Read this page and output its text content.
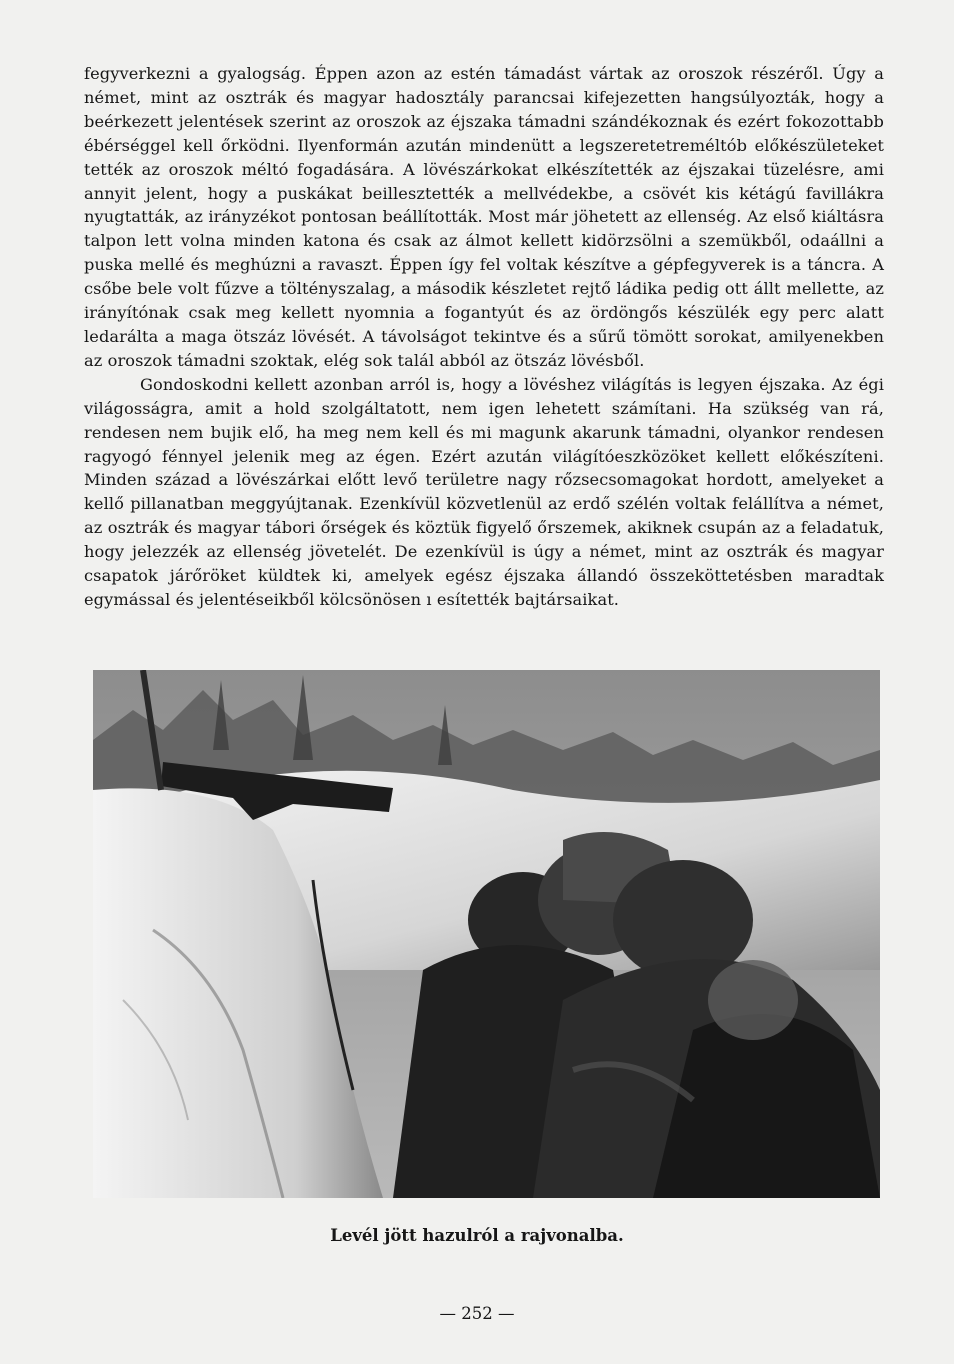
fegyverkezni a gyalogság. Éppen azon az estén támadást vártak az oroszok részéről. Úgy a német, mint az osztrák és magyar hadosztály parancsai kifejezetten hangsúlyozták, hogy a beérkezett jelentések szerint az oroszok az éjszaka támadni szándékoznak és ezért fokozottabb ébérséggel kell őrködni. Ilyenformán azután mindenütt a legszeretetreméltób előkészületeket tették az oroszok méltó fogadására. A lövészárkokat elkészítették az éjszakai tüzelésre, ami annyit jelent, hogy a puskákat beillesztették a mellvédekbe, a csövét kis kétágú favillákra nyugtatták, az irányzékot pontosan beállították. Most már jöhetett az ellenség. Az első kiáltásra talpon lett volna minden katona és csak az álmot kellett kidörzsölni a szemükből, odaállni a puska mellé és meghúzni a ravaszt. Éppen így fel voltak készítve a gépfegyverek is a táncra. A csőbe bele volt fűzve a töltényszalag, a második készletet rejtő ládika pedig ott állt mellette, az irányítónak csak meg kellett nyomnia a fogantyút és az ördöngős készülék egy perc alatt ledarálta a maga ötszáz lövését. A távolságot tekintve és a sűrű tömött sorokat, amilyenekben az oroszok támadni szoktak, elég sok talál abból az ötszáz lövésből.

Gondoskodni kellett azonban arról is, hogy a lövéshez világítás is legyen éjszaka. Az égi világosságra, amit a hold szolgáltatott, nem igen lehetett számítani. Ha szükség van rá, rendesen nem bujik elő, ha meg nem kell és mi magunk akarunk támadni, olyankor rendesen ragyogó fénnyel jelenik meg az égen. Ezért azután világítóeszközöket kellett előkészíteni. Minden század a lövészárkai előtt levő területre nagy rőzsecsomagokat hordott, amelyeket a kellő pillanatban meggyújtanak. Ezenkívül közvetlenül az erdő szélén voltak felállítva a német, az osztrák és magyar tábori őrségek és köztük figyelő őrszemek, akiknek csupán az a feladatuk, hogy jelezzék az ellenség jövetelét. De ezenkívül is úgy a német, mint az osztrák és magyar csapatok járőröket küldtek ki, amelyek egész éjszaka állandó összeköttetésben maradtak egymással és jelentéseikből kölcsönösen ı esítették bajtársaikat.

Levél jött hazulról a rajvonalba.
— 252 —
